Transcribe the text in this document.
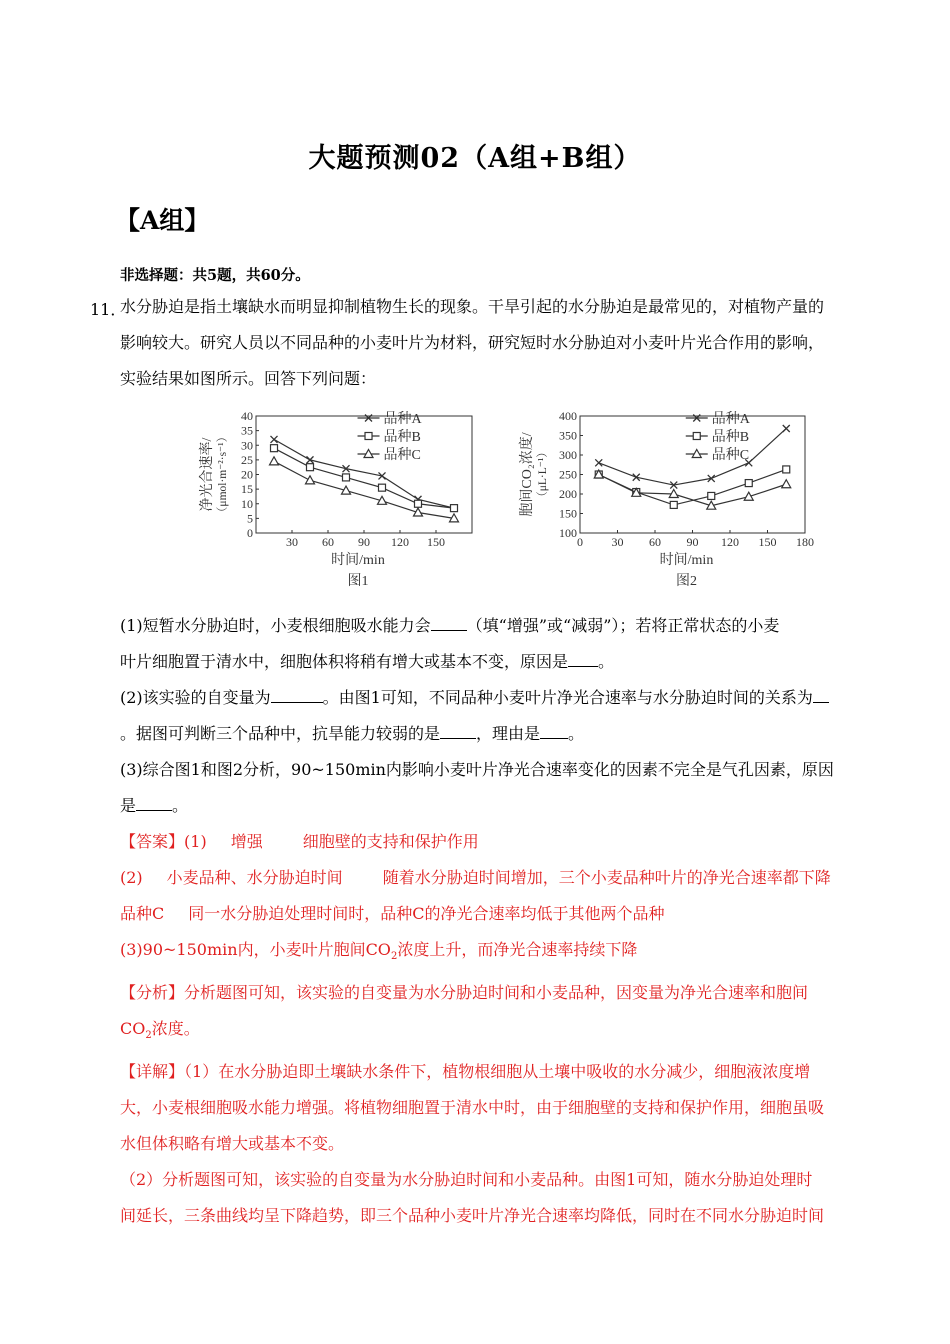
大题预测02（A组+B组）
【A组】
非选择题：共5题，共60分。
11．
水分胁迫是指土壤缺水而明显抑制植物生长的现象。干旱引起的水分胁迫是最常见的，对植物产量的
影响较大。研究人员以不同品种的小麦叶片为材料，研究短时水分胁迫对小麦叶片光合作用的影响，
实验结果如图所示。回答下列问题：
0
5
10
15
20
25
30
35
40
30 60 90 120 150
时间/min
图1
净光合速率/ （μmol·m⁻²·s⁻¹）
品种A
品种B
品种C
100
150
200
250
300
350
400
0 30 60 90 120 150 180
时间/min
图2
胞间CO₂浓度/ （μL·L⁻¹）
品种A
品种B
品种C
(1)短暂水分胁迫时，小麦根细胞吸水能力会 （填“增强”或“减弱”）；若将正常状态的小麦
叶片细胞置于清水中，细胞体积将稍有增大或基本不变，原因是 。
(2)该实验的自变量为	。由图1可知，不同品种小麦叶片净光合速率与水分胁迫时间的关系为
。据图可判断三个品种中，抗旱能力较弱的是 ，理由是 。
(3)综合图1和图2分析，90~150min内影响小麦叶片净光合速率变化的因素不完全是气孔因素，原因
是 。
【答案】(1) 增强	细胞壁的支持和保护作用
(2) 小麦品种、水分胁迫时间	随着水分胁迫时间增加，三个小麦品种叶片的净光合速率都下降
品种C 同一水分胁迫处理时间时，品种C的净光合速率均低于其他两个品种
(3)90~150min内，小麦叶片胞间$CO_2$浓度上升，而净光合速率持续下降
【分析】分析题图可知，该实验的自变量为水分胁迫时间和小麦品种，因变量为净光合速率和胞间
$CO_2$浓度。
【详解】（1）在水分胁迫即土壤缺水条件下，植物根细胞从土壤中吸收的水分减少，细胞液浓度增
大，小麦根细胞吸水能力增强。将植物细胞置于清水中时，由于细胞壁的支持和保护作用，细胞虽吸
水但体积略有增大或基本不变。
（2）分析题图可知，该实验的自变量为水分胁迫时间和小麦品种。由图1可知，随水分胁迫处理时
间延长，三条曲线均呈下降趋势，即三个品种小麦叶片净光合速率均降低，同时在不同水分胁迫时间
